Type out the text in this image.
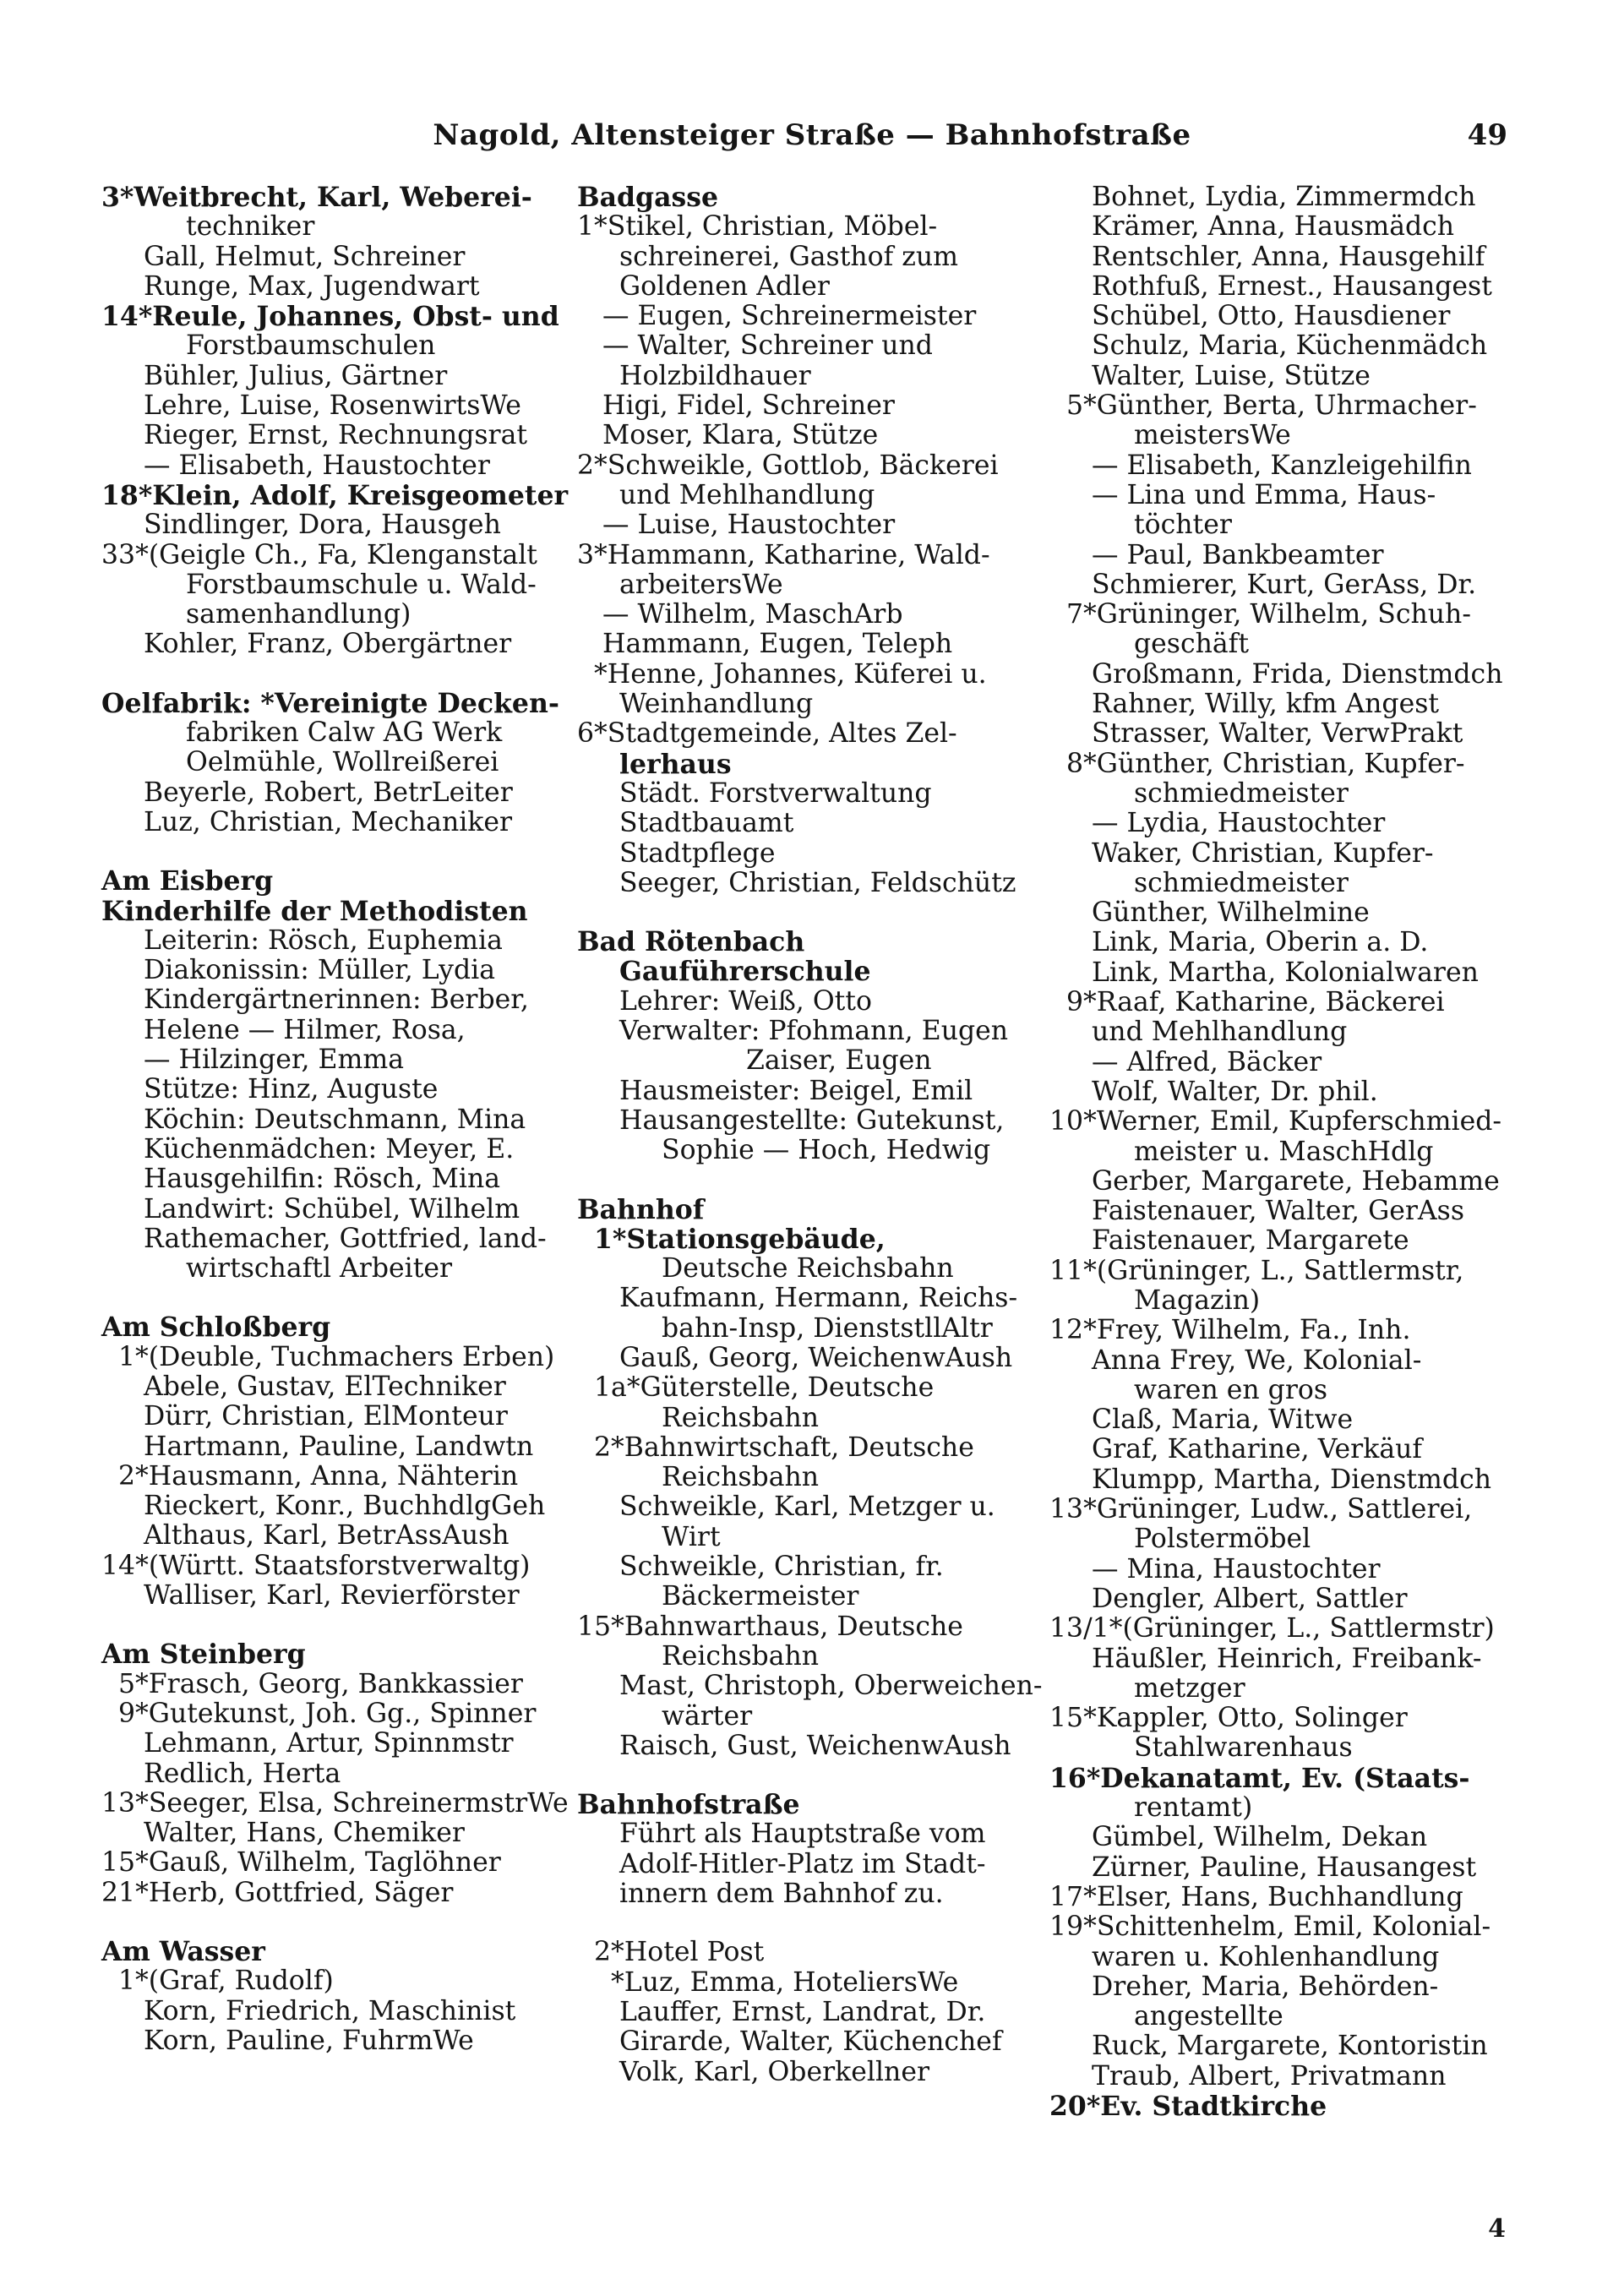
Nagold, Altensteiger Straße — Bahnhofstraße	49
3*Weitbrecht, Karl, Weberei-
techniker
Gall, Helmut, Schreiner
Runge, Max, Jugendwart
14*Reule, Johannes, Obst- und
Forstbaumschulen
Bühler, Julius, Gärtner
Lehre, Luise, RosenwirtsWe
Rieger, Ernst, Rechnungsrat
— Elisabeth, Haustochter
18*Klein, Adolf, Kreisgeometer
Sindlinger, Dora, Hausgeh
33*(Geigle Ch., Fa, Klenganstalt
Forstbaumschule u. Wald-
samenhandlung)
Kohler, Franz, Obergärtner
Oelfabrik: *Vereinigte Decken-
fabriken Calw AG Werk
Oelmühle, Wollreißerei
Beyerle, Robert, BetrLeiter
Luz, Christian, Mechaniker
Am Eisberg
Kinderhilfe der Methodisten
Leiterin: Rösch, Euphemia
Diakonissin: Müller, Lydia
Kindergärtnerinnen: Berber,
Helene — Hilmer, Rosa,
— Hilzinger, Emma
Stütze: Hinz, Auguste
Köchin: Deutschmann, Mina
Küchenmädchen: Meyer, E.
Hausgehilfin: Rösch, Mina
Landwirt: Schübel, Wilhelm
Rathemacher, Gottfried, land-
wirtschaftl Arbeiter
Am Schloßberg
1*(Deuble, Tuchmachers Erben)
Abele, Gustav, ElTechniker
Dürr, Christian, ElMonteur
Hartmann, Pauline, Landwtn
2*Hausmann, Anna, Nähterin
Rieckert, Konr., BuchhdlgGeh
Althaus, Karl, BetrAssAush
14*(Württ. Staatsforstverwaltg)
Walliser, Karl, Revierförster
Am Steinberg
5*Frasch, Georg, Bankkassier
9*Gutekunst, Joh. Gg., Spinner
Lehmann, Artur, Spinnmstr
Redlich, Herta
13*Seeger, Elsa, SchreinermstrWe
Walter, Hans, Chemiker
15*Gauß, Wilhelm, Taglöhner
21*Herb, Gottfried, Säger
Am Wasser
1*(Graf, Rudolf)
Korn, Friedrich, Maschinist
Korn, Pauline, FuhrmWe
Badgasse
1*Stikel, Christian, Möbel-
schreinerei, Gasthof zum
Goldenen Adler
— Eugen, Schreinermeister
— Walter, Schreiner und
Holzbildhauer
Higi, Fidel, Schreiner
Moser, Klara, Stütze
2*Schweikle, Gottlob, Bäckerei
und Mehlhandlung
— Luise, Haustochter
3*Hammann, Katharine, Wald-
arbeitersWe
— Wilhelm, MaschArb
Hammann, Eugen, Teleph
*Henne, Johannes, Küferei u.
Weinhandlung
6*Stadtgemeinde, Altes Zel-
lerhaus
Städt. Forstverwaltung
Stadtbauamt
Stadtpflege
Seeger, Christian, Feldschütz
Bad Rötenbach
Gauführerschule
Lehrer: Weiß, Otto
Verwalter: Pfohmann, Eugen
Zaiser, Eugen
Hausmeister: Beigel, Emil
Hausangestellte: Gutekunst,
Sophie — Hoch, Hedwig
Bahnhof
1*Stationsgebäude,
Deutsche Reichsbahn
Kaufmann, Hermann, Reichs-
bahn-Insp, DienststllAltr
Gauß, Georg, WeichenwAush
1a*Güterstelle, Deutsche
Reichsbahn
2*Bahnwirtschaft, Deutsche
Reichsbahn
Schweikle, Karl, Metzger u.
Wirt
Schweikle, Christian, fr.
Bäckermeister
15*Bahnwarthaus, Deutsche
Reichsbahn
Mast, Christoph, Oberweichen-
wärter
Raisch, Gust, WeichenwAush
Bahnhofstraße
Führt als Hauptstraße vom
Adolf-Hitler-Platz im Stadt-
innern dem Bahnhof zu.
2*Hotel Post
*Luz, Emma, HoteliersWe
Lauffer, Ernst, Landrat, Dr.
Girarde, Walter, Küchenchef
Volk, Karl, Oberkellner
Bohnet, Lydia, Zimmermdch
Krämer, Anna, Hausmädch
Rentschler, Anna, Hausgehilf
Rothfuß, Ernest., Hausangest
Schübel, Otto, Hausdiener
Schulz, Maria, Küchenmädch
Walter, Luise, Stütze
5*Günther, Berta, Uhrmacher-
meistersWe
— Elisabeth, Kanzleigehilfin
— Lina und Emma, Haus-
töchter
— Paul, Bankbeamter
Schmierer, Kurt, GerAss, Dr.
7*Grüninger, Wilhelm, Schuh-
geschäft
Großmann, Frida, Dienstmdch
Rahner, Willy, kfm Angest
Strasser, Walter, VerwPrakt
8*Günther, Christian, Kupfer-
schmiedmeister
— Lydia, Haustochter
Waker, Christian, Kupfer-
schmiedmeister
Günther, Wilhelmine
Link, Maria, Oberin a. D.
Link, Martha, Kolonialwaren
9*Raaf, Katharine, Bäckerei
und Mehlhandlung
— Alfred, Bäcker
Wolf, Walter, Dr. phil.
10*Werner, Emil, Kupferschmied-
meister u. MaschHdlg
Gerber, Margarete, Hebamme
Faistenauer, Walter, GerAss
Faistenauer, Margarete
11*(Grüninger, L., Sattlermstr,
Magazin)
12*Frey, Wilhelm, Fa., Inh.
Anna Frey, We, Kolonial-
waren en gros
Claß, Maria, Witwe
Graf, Katharine, Verkäuf
Klumpp, Martha, Dienstmdch
13*Grüninger, Ludw., Sattlerei,
Polstermöbel
— Mina, Haustochter
Dengler, Albert, Sattler
13/1*(Grüninger, L., Sattlermstr)
Häußler, Heinrich, Freibank-
metzger
15*Kappler, Otto, Solinger
Stahlwarenhaus
16*Dekanatamt, Ev. (Staats-
rentamt)
Gümbel, Wilhelm, Dekan
Zürner, Pauline, Hausangest
17*Elser, Hans, Buchhandlung
19*Schittenhelm, Emil, Kolonial-
waren u. Kohlenhandlung
Dreher, Maria, Behörden-
angestellte
Ruck, Margarete, Kontoristin
Traub, Albert, Privatmann
20*Ev. Stadtkirche
4
